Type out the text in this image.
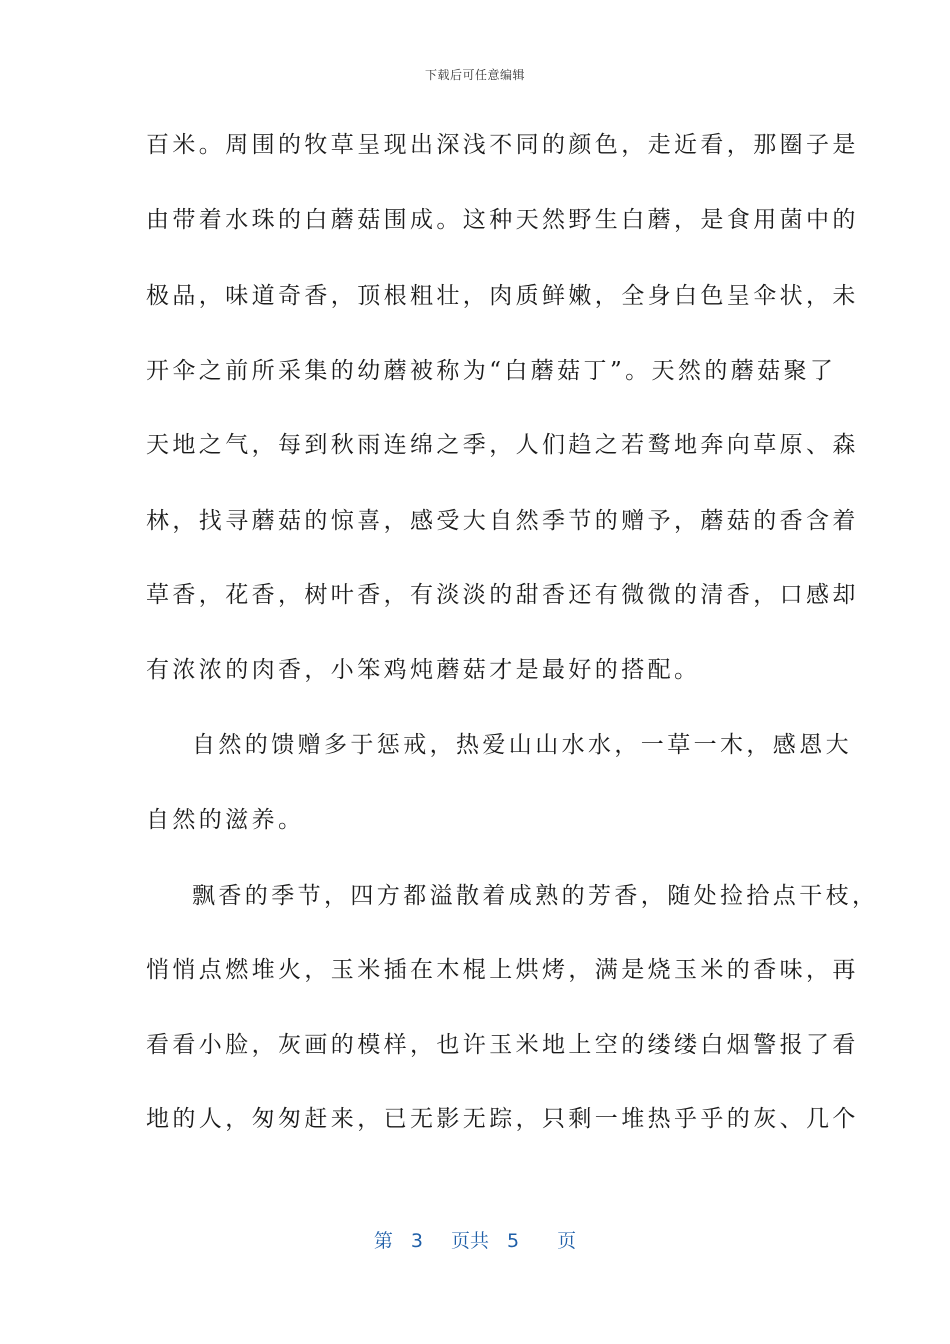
下载后可任意编辑
百米。周围的牧草呈现出深浅不同的颜色，走近看，那圈子是
由带着水珠的白蘑菇围成。这种天然野生白蘑，是食用菌中的
极品，味道奇香，顶根粗壮，肉质鲜嫩，全身白色呈伞状，未
开伞之前所采集的幼蘑被称为“白蘑菇丁”。天然的蘑菇聚了
天地之气，每到秋雨连绵之季，人们趋之若鹜地奔向草原、森
林，找寻蘑菇的惊喜，感受大自然季节的赠予，蘑菇的香含着
草香，花香，树叶香，有淡淡的甜香还有微微的清香，口感却
有浓浓的肉香，小笨鸡炖蘑菇才是最好的搭配。
自然的馈赠多于惩戒，热爱山山水水，一草一木，感恩大
自然的滋养。
飘香的季节，四方都溢散着成熟的芳香，随处捡拾点干枝，
悄悄点燃堆火，玉米插在木棍上烘烤，满是烧玉米的香味，再
看看小脸，灰画的模样，也许玉米地上空的缕缕白烟警报了看
地的人，匆匆赶来，已无影无踪，只剩一堆热乎乎的灰、几个
第 3 页共 5 页
